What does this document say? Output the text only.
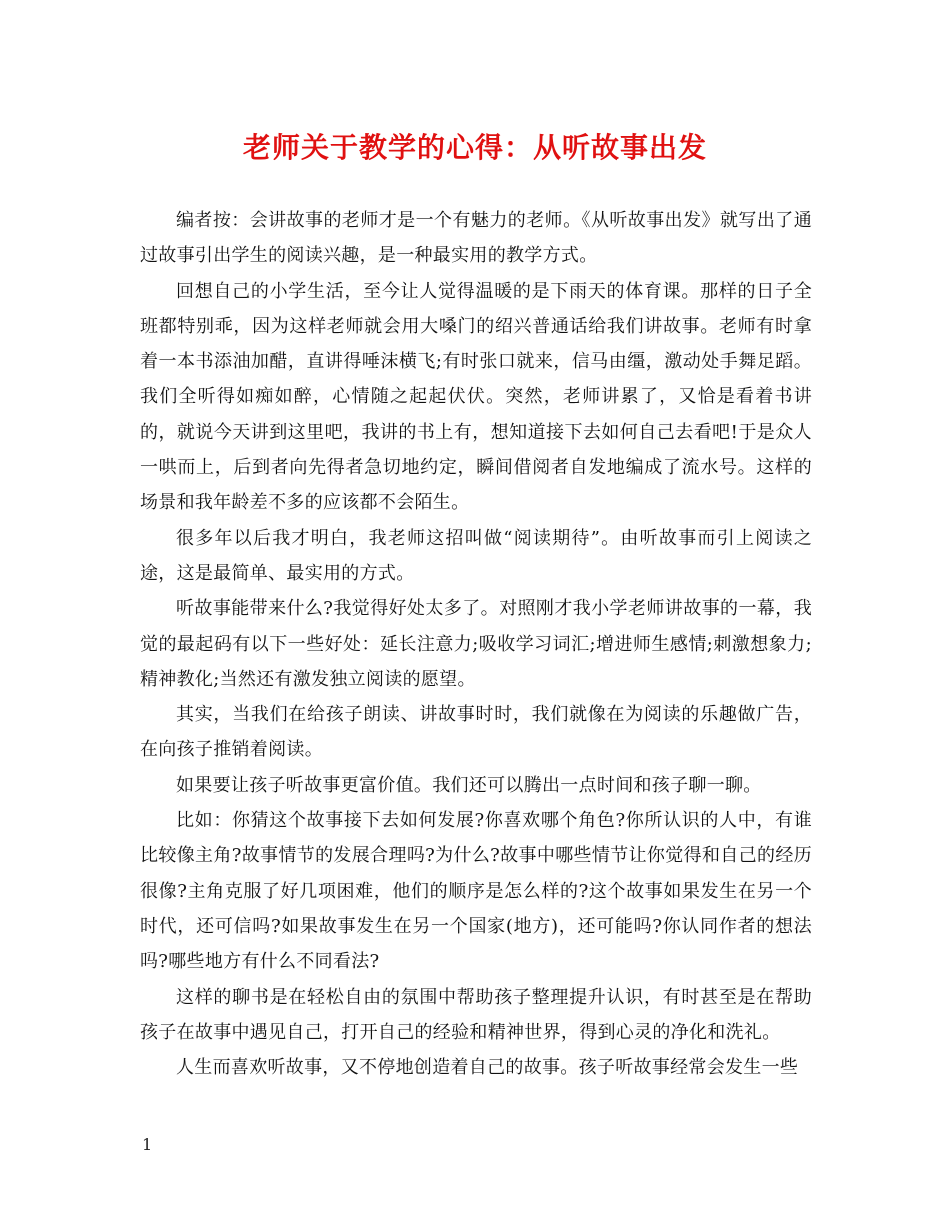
老师关于教学的心得：从听故事出发

编者按：会讲故事的老师才是一个有魅力的老师。《从听故事出发》就写出了通过故事引出学生的阅读兴趣，是一种最实用的教学方式。

回想自己的小学生活，至今让人觉得温暖的是下雨天的体育课。那样的日子全班都特别乖，因为这样老师就会用大嗓门的绍兴普通话给我们讲故事。老师有时拿着一本书添油加醋，直讲得唾沫横飞;有时张口就来，信马由缰，激动处手舞足蹈。我们全听得如痴如醉，心情随之起起伏伏。突然，老师讲累了，又恰是看着书讲的，就说今天讲到这里吧，我讲的书上有，想知道接下去如何自己去看吧!于是众人一哄而上，后到者向先得者急切地约定，瞬间借阅者自发地编成了流水号。这样的场景和我年龄差不多的应该都不会陌生。

很多年以后我才明白，我老师这招叫做“阅读期待”。由听故事而引上阅读之途，这是最简单、最实用的方式。

听故事能带来什么?我觉得好处太多了。对照刚才我小学老师讲故事的一幕，我觉的最起码有以下一些好处：延长注意力;吸收学习词汇;增进师生感情;刺激想象力;精神教化;当然还有激发独立阅读的愿望。

其实，当我们在给孩子朗读、讲故事时时，我们就像在为阅读的乐趣做广告，在向孩子推销着阅读。

如果要让孩子听故事更富价值。我们还可以腾出一点时间和孩子聊一聊。

比如：你猜这个故事接下去如何发展?你喜欢哪个角色?你所认识的人中，有谁比较像主角?故事情节的发展合理吗?为什么?故事中哪些情节让你觉得和自己的经历很像?主角克服了好几项困难，他们的顺序是怎么样的?这个故事如果发生在另一个时代，还可信吗?如果故事发生在另一个国家(地方)，还可能吗?你认同作者的想法吗?哪些地方有什么不同看法?

这样的聊书是在轻松自由的氛围中帮助孩子整理提升认识，有时甚至是在帮助孩子在故事中遇见自己，打开自己的经验和精神世界，得到心灵的净化和洗礼。

人生而喜欢听故事，又不停地创造着自己的故事。孩子听故事经常会发生一些

1
